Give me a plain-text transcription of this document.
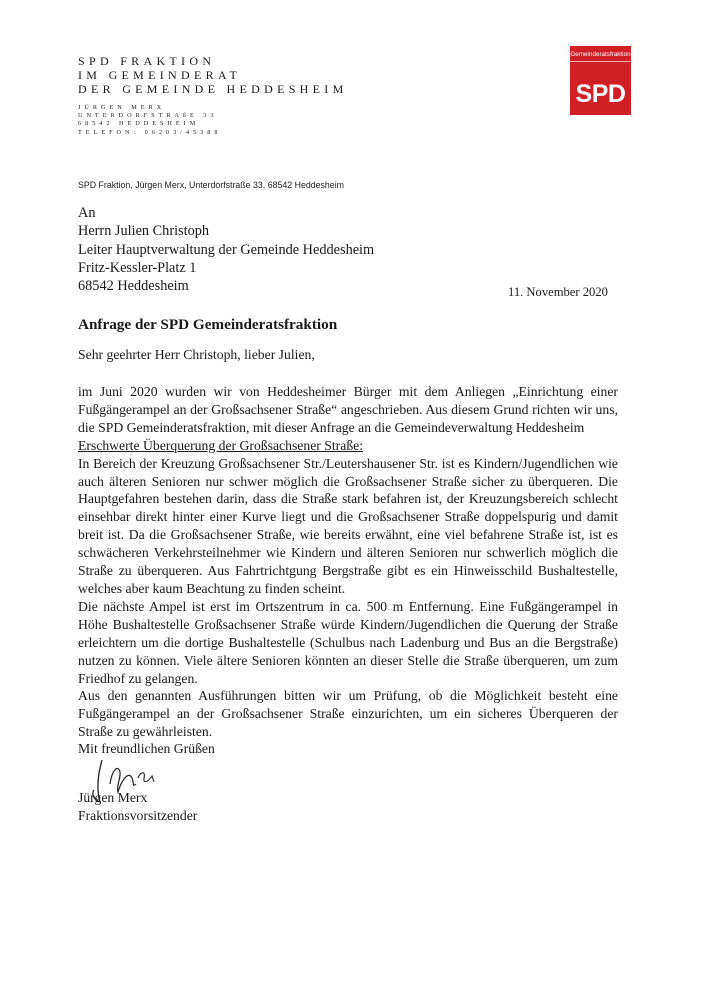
SPD FRAKTION
IM GEMEINDERAT
DER GEMEINDE HEDDESHEIM
JÜRGEN MERX
UNTERDORFSTRAßE 33
68542 HEDDESHEIM
TELEFON: 06203/45388
Gemeinderatsfraktion
SPD
SPD Fraktion, Jürgen Merx, Unterdorfstraße 33, 68542 Heddesheim
An
Herrn Julien Christoph
Leiter Hauptverwaltung der Gemeinde Heddesheim
Fritz-Kessler-Platz 1
68542 Heddesheim	11. November 2020
Anfrage der SPD Gemeinderatsfraktion
Sehr geehrter Herr Christoph, lieber Julien,

im Juni 2020 wurden wir von Heddesheimer Bürger mit dem Anliegen „Einrichtung einer Fußgängerampel an der Großsachsener Straße“ angeschrieben. Aus diesem Grund richten wir uns, die SPD Gemeinderatsfraktion, mit dieser Anfrage an die Gemeindeverwaltung Heddesheim

Erschwerte Überquerung der Großsachsener Straße:

In Bereich der Kreuzung Großsachsener Str./Leutershausener Str. ist es Kindern/Jugendlichen wie auch älteren Senioren nur schwer möglich die Großsachsener Straße sicher zu überqueren. Die Hauptgefahren bestehen darin, dass die Straße stark befahren ist, der Kreuzungsbereich schlecht einsehbar direkt hinter einer Kurve liegt und die Großsachsener Straße doppelspurig und damit breit ist. Da die Großsachsener Straße, wie bereits erwähnt, eine viel befahrene Straße ist, ist es schwächeren Verkehrsteilnehmer wie Kindern und älteren Senioren nur schwerlich möglich die Straße zu überqueren. Aus Fahrtrichtgung Bergstraße gibt es ein Hinweisschild Bushaltestelle, welches aber kaum Beachtung zu finden scheint.

Die nächste Ampel ist erst im Ortszentrum in ca. 500 m Entfernung. Eine Fußgängerampel in Höhe Bushaltestelle Großsachsener Straße würde Kindern/Jugendlichen die Querung der Straße erleichtern um die dortige Bushaltestelle (Schulbus nach Ladenburg und Bus an die Bergstraße) nutzen zu können. Viele ältere Senioren könnten an dieser Stelle die Straße überqueren, um zum Friedhof zu gelangen.

Aus den genannten Ausführungen bitten wir um Prüfung, ob die Möglichkeit besteht eine Fußgängerampel an der Großsachsener Straße einzurichten, um ein sicheres Überqueren der Straße zu gewährleisten.

Mit freundlichen Grüßen
Jürgen Merx
Fraktionsvorsitzender
